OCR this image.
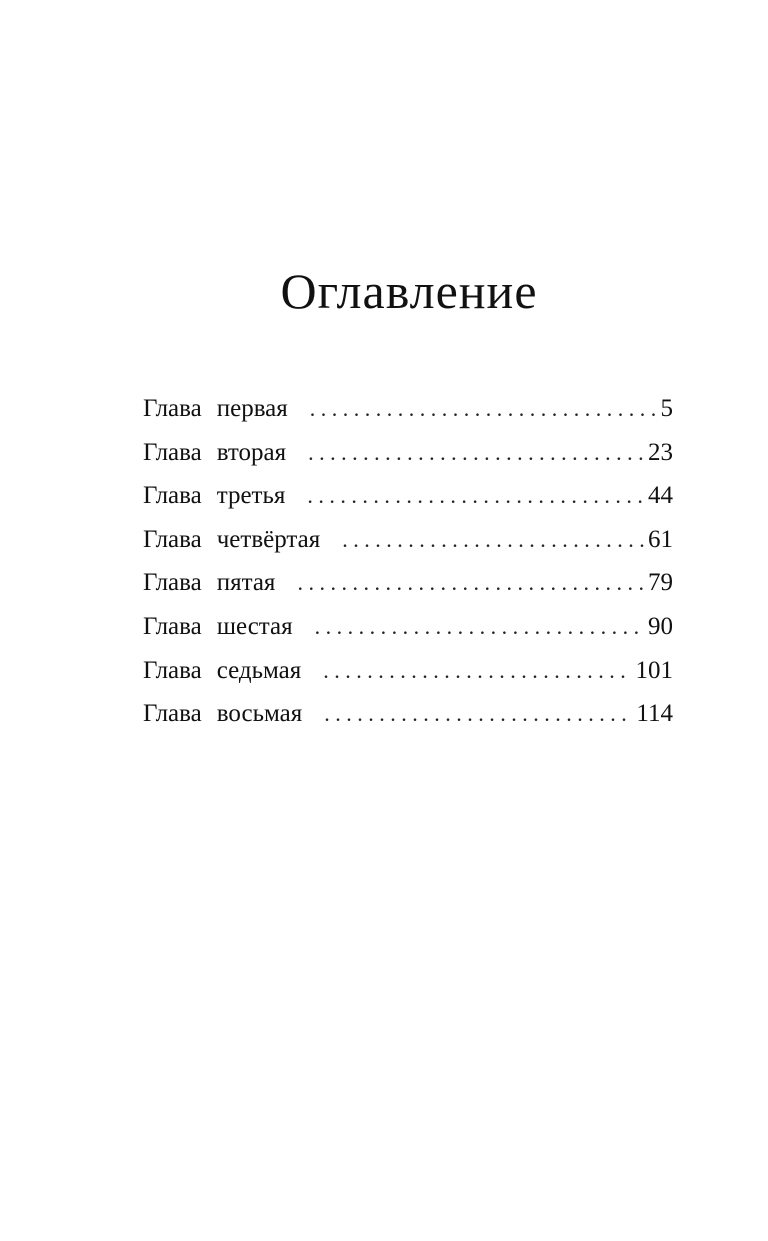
Оглавление
Глава первая . . .	5
Глава вторая . . .	23
Глава третья . . .	44
Глава четвёртая . . .	61
Глава пятая . . .	79
Глава шестая . . .	90
Глава седьмая . . .	101
Глава восьмая . . .	114
